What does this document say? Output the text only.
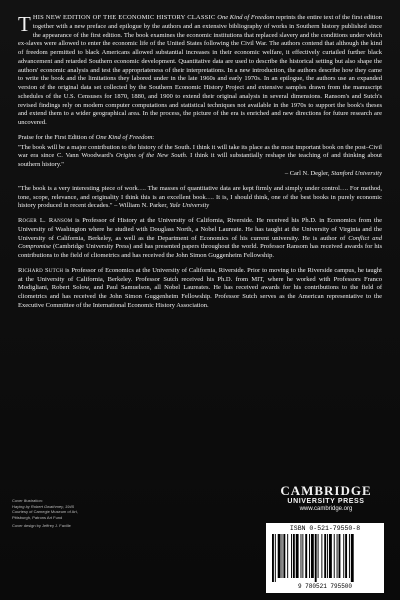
THIS NEW EDITION OF THE ECONOMIC HISTORY CLASSIC One Kind of Freedom reprints the entire text of the first edition together with a new preface and epilogue by the authors and an extensive bibliography of works in Southern history published since the appearance of the first edition. The book examines the economic institutions that replaced slavery and the conditions under which ex-slaves were allowed to enter the economic life of the United States following the Civil War. The authors contend that although the kind of freedom permitted to black Americans allowed substantial increases in their economic welfare, it effectively curtailed further black advancement and retarded Southern economic development. Quantitative data are used to describe the historical setting but also shape the authors' economic analysis and test the appropriateness of their interpretations. In a new introduction, the authors describe how they came to write the book and the limitations they labored under in the late 1960s and early 1970s. In an epilogue, the authors use an expanded version of the original data set collected by the Southern Economic History Project and extensive samples drawn from the manuscript schedules of the U.S. Censuses for 1870, 1880, and 1900 to extend their original analysis in several dimensions. Ransom's and Sutch's revised findings rely on modern computer computations and statistical techniques not available in the 1970s to support the book's theses and extend them to a wider geographical area. In the process, the picture of the era is enriched and new directions for future research are uncovered.

Praise for the First Edition of One Kind of Freedom:

"The book will be a major contribution to the history of the South. I think it will take its place as the most important book on the post–Civil war era since C. Vann Woodward's Origins of the New South. I think it will substantially reshape the teaching of and thinking about southern history."
– Carl N. Degler, Stanford University

"The book is a very interesting piece of work…. The masses of quantitative data are kept firmly and simply under control…. For method, tone, scope, relevance, and originality I think this is an excellent book…. It is, I should think, one of the best books in purely economic history produced in recent decades." – William N. Parker, Yale University

Roger L. Ransom is Professor of History at the University of California, Riverside. He received his Ph.D. in Economics from the University of Washington where he studied with Douglass North, a Nobel Laureate. He has taught at the University of Virginia and the University of California, Berkeley, as well as the Department of Economics of his current university. He is author of Conflict and Compromise (Cambridge University Press) and has presented papers throughout the world. Professor Ransom has received awards for his contributions to the field of cliometrics and has received the John Simon Guggenheim Fellowship.

Richard Sutch is Professor of Economics at the University of California, Riverside. Prior to moving to the Riverside campus, he taught at the University of California, Berkeley. Professor Sutch received his Ph.D. from MIT, where he worked with Professors Franco Modigliani, Robert Solow, and Paul Samuelson, all Nobel Laureates. He has received awards for his contributions to the field of cliometrics and has received the John Simon Guggenheim Fellowship. Professor Sutch serves as the American representative to the Executive Committee of the International Economic History Association.

Cover illustration:
Haying by Robert Gwathmey, 1945
Courtesy of Carnegie Museum of Art,
Pittsburgh, Patrons Art Fund
Cover design by Jeffrey J. Faville
CAMBRIDGE
UNIVERSITY PRESS
www.cambridge.org
ISBN 0-521-79550-8
9 780521 795500
